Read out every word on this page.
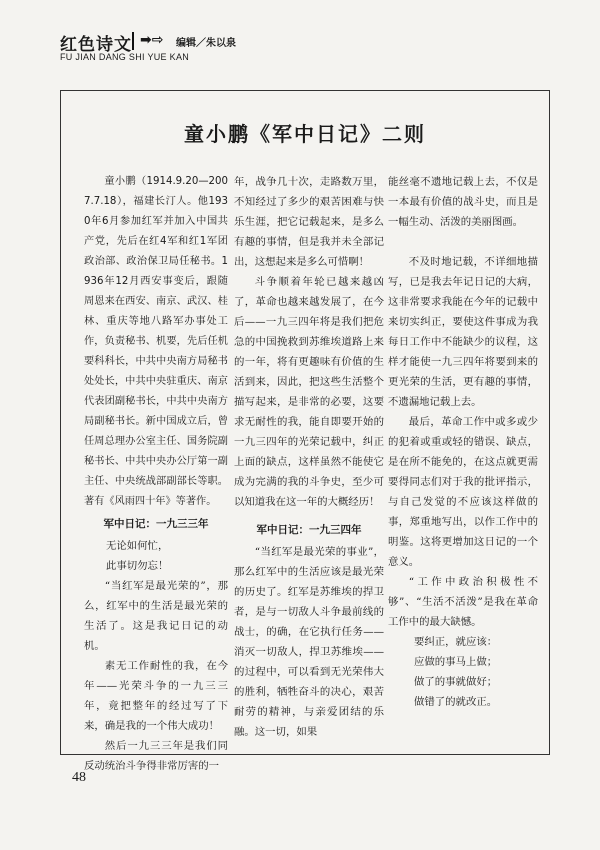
红色诗文 ➡⇨ 编辑／朱以泉
FU JIAN DANG SHI YUE KAN
童小鹏《军中日记》二则

童小鹏（1914.9.20—2007.7.18），福建长汀人。他1930年6月参加红军并加入中国共产党，先后在红4军和红1军团政治部、政治保卫局任秘书。1936年12月西安事变后，跟随周恩来在西安、南京、武汉、桂林、重庆等地八路军办事处工作，负责秘书、机要，先后任机要科科长，中共中央南方局秘书处处长，中共中央驻重庆、南京代表团副秘书长，中共中央南方局副秘书长。新中国成立后，曾任周总理办公室主任、国务院副秘书长、中共中央办公厅第一副主任、中央统战部副部长等职。著有《风雨四十年》等著作。

军中日记：一九三三年

无论如何忙，
此事切勿忘！

“当红军是最光荣的”，那么，红军中的生活是最光荣的生活了。这是我记日记的动机。

素无工作耐性的我，在今年——光荣斗争的一九三三年，竟把整年的经过写了下来，确是我的一个伟大成功！

然后一九三三年是我们同反动统治斗争得非常厉害的一

年，战争几十次，走路数万里，不知经过了多少的艰苦困难与快乐生涯，把它记载起来，是多么有趣的事情，但是我并未全部记出，这想起来是多么可惜啊！

斗争顺着年轮已越来越凶了，革命也越来越发展了，在今后——一九三四年将是我们把危急的中国挽救到苏维埃道路上来的一年，将有更趣味有价值的生活到来，因此，把这些生活整个描写起来，是非常的必要，这要求无耐性的我，能自即要开始的一九三四年的光荣记载中，纠正上面的缺点，这样虽然不能使它成为完满的我的斗争史，至少可以知道我在这一年的大概经历！

军中日记：一九三四年

“当红军是最光荣的事业”，那么红军中的生活应该是最光荣的历史了。红军是苏维埃的捍卫者，是与一切敌人斗争最前线的战士，的确，在它执行任务——消灭一切敌人，捍卫苏维埃——的过程中，可以看到无光荣伟大的胜利，牺牲奋斗的决心，艰苦耐劳的精神，与亲爱团结的乐融。这一切，如果

能丝毫不遗地记载上去，不仅是一本最有价值的战斗史，而且是一幅生动、活泼的美丽图画。

不及时地记载，不详细地描写，已是我去年记日记的大病，这非常要求我能在今年的记载中来切实纠正，要使这件事成为我每日工作中不能缺少的议程，这样才能使一九三四年将要到来的更光荣的生活，更有趣的事情，不遗漏地记载上去。

最后，革命工作中或多或少的犯着或重或轻的错误、缺点，是在所不能免的，在这点就更需要得同志们对于我的批评指示，与自己发觉的不应该这样做的事，郑重地写出，以作工作中的明鉴。这将更增加这日记的一个意义。

“工作中政治积极性不够”、“生活不活泼”是我在革命工作中的最大缺憾。

要纠正，就应该：
应做的事马上做；
做了的事就做好；
做错了的就改正。
48
